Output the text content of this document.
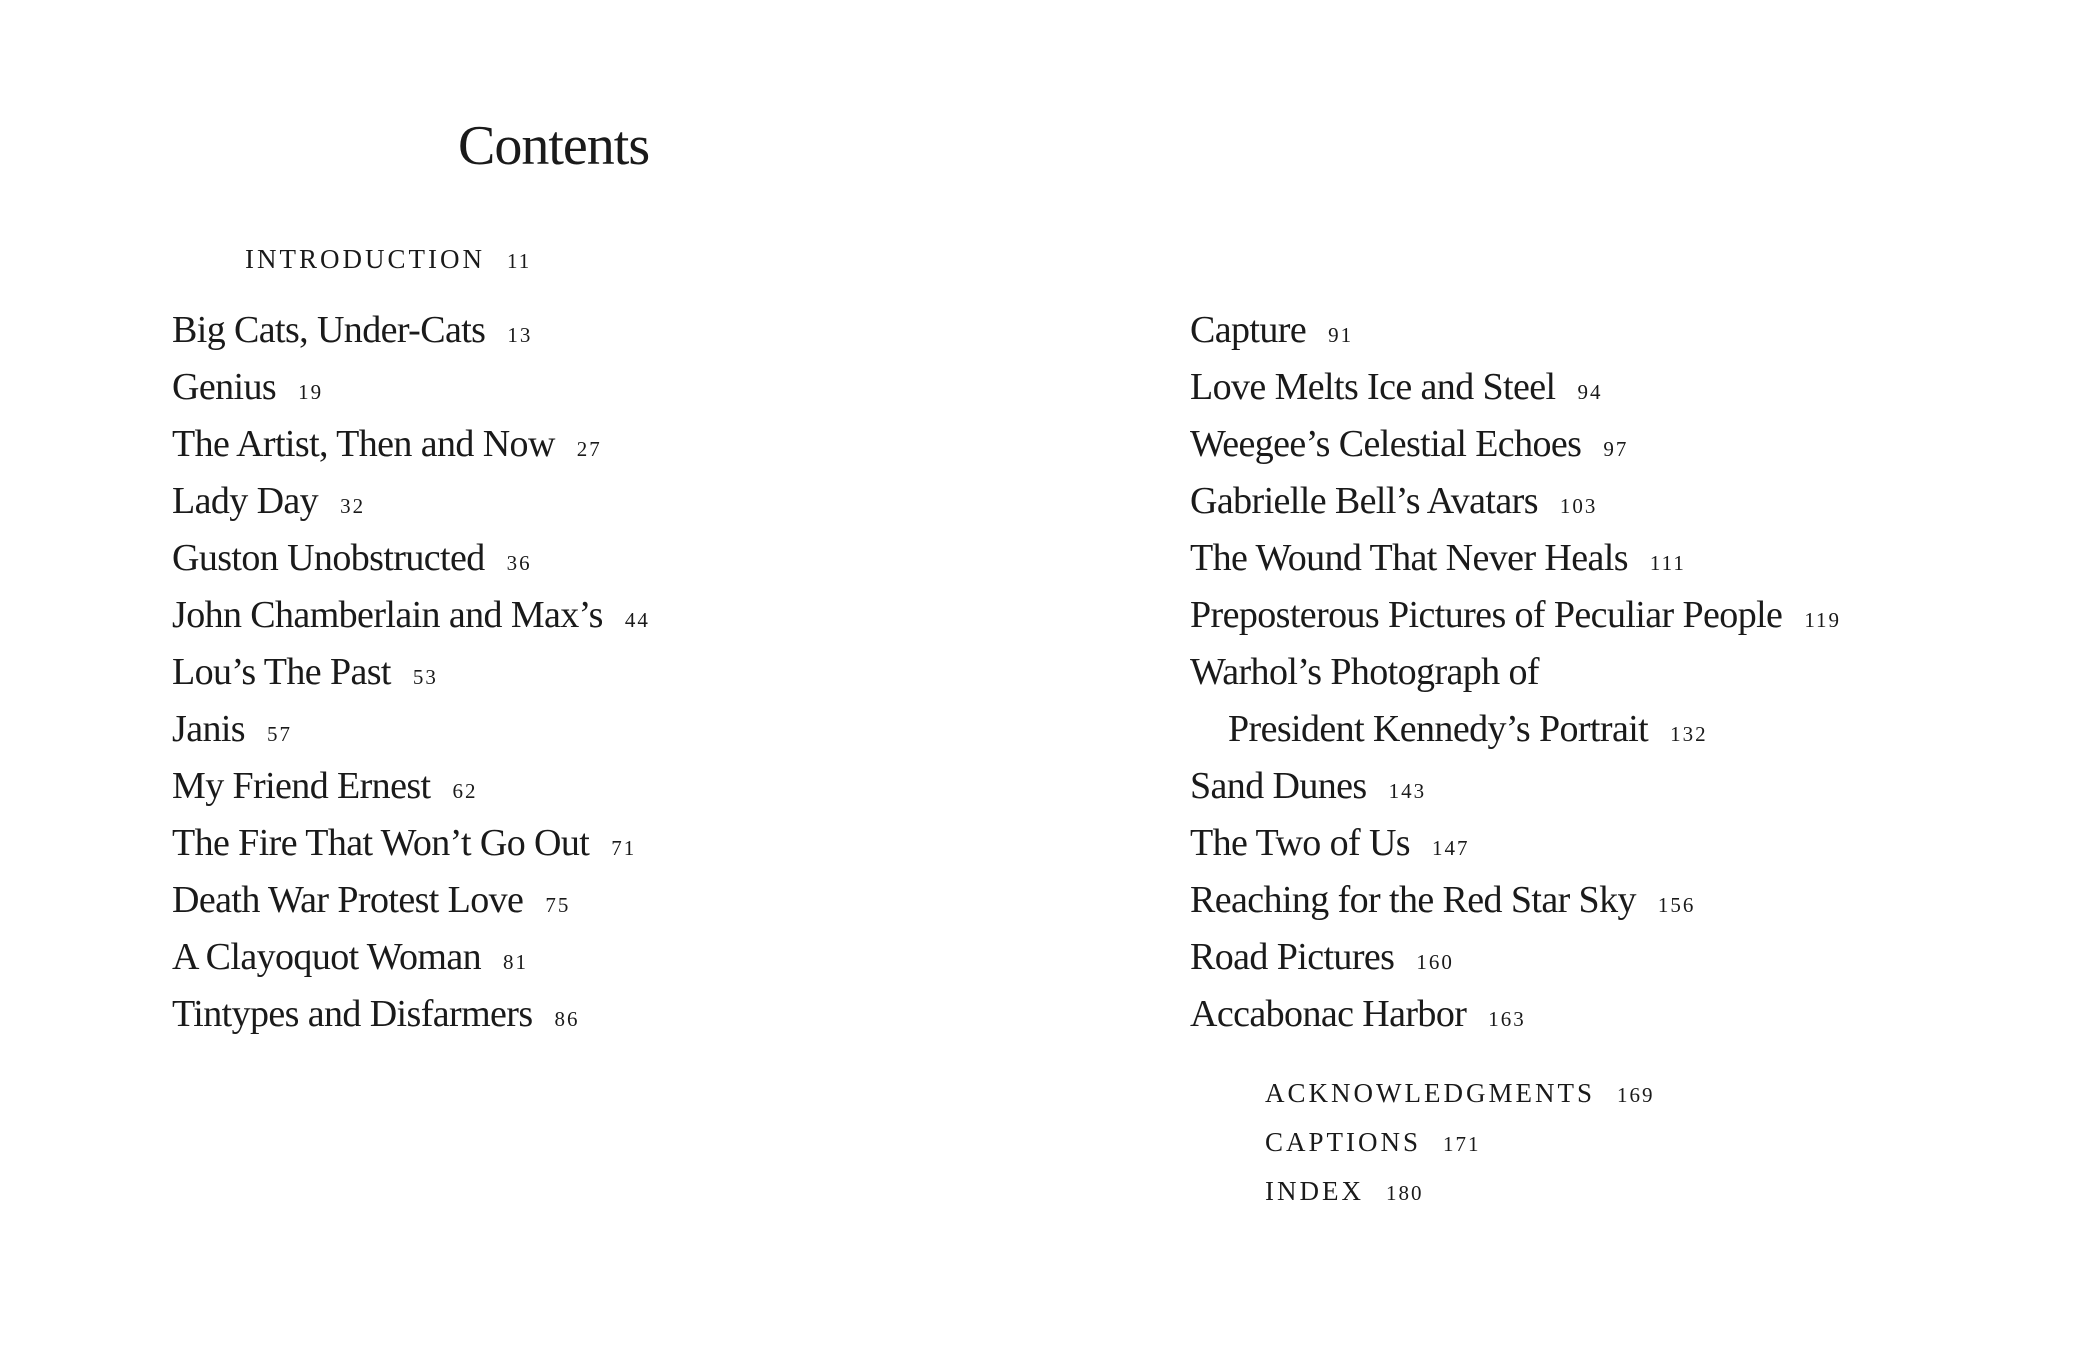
Contents
INTRODUCTION 11
Big Cats, Under-Cats 13
Genius 19
The Artist, Then and Now 27
Lady Day 32
Guston Unobstructed 36
John Chamberlain and Max’s 44
Lou’s The Past 53
Janis 57
My Friend Ernest 62
The Fire That Won’t Go Out 71
Death War Protest Love 75
A Clayoquot Woman 81
Tintypes and Disfarmers 86
Capture 91
Love Melts Ice and Steel 94
Weegee’s Celestial Echoes 97
Gabrielle Bell’s Avatars 103
The Wound That Never Heals 111
Preposterous Pictures of Peculiar People 119
Warhol’s Photograph of
President Kennedy’s Portrait 132
Sand Dunes 143
The Two of Us 147
Reaching for the Red Star Sky 156
Road Pictures 160
Accabonac Harbor 163
ACKNOWLEDGMENTS 169
CAPTIONS 171
INDEX 180
